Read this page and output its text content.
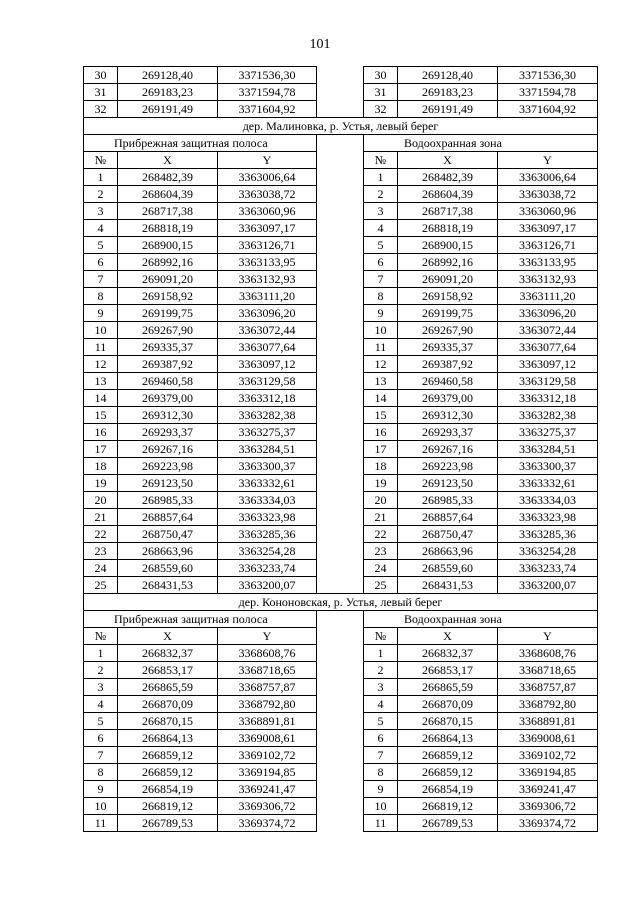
101
30	269128,40	3371536,30		30	269128,40	3371536,30
31	269183,23	3371594,78		31	269183,23	3371594,78
32	269191,49	3371604,92		32	269191,49	3371604,92
дер. Малиновка, р. Устья, левый берег						
Прибрежная защитная полоса				Водоохранная зона		
№	X	Y		№	X	Y
1	268482,39	3363006,64		1	268482,39	3363006,64
2	268604,39	3363038,72		2	268604,39	3363038,72
3	268717,38	3363060,96		3	268717,38	3363060,96
4	268818,19	3363097,17		4	268818,19	3363097,17
5	268900,15	3363126,71		5	268900,15	3363126,71
6	268992,16	3363133,95		6	268992,16	3363133,95
7	269091,20	3363132,93		7	269091,20	3363132,93
8	269158,92	3363111,20		8	269158,92	3363111,20
9	269199,75	3363096,20		9	269199,75	3363096,20
10	269267,90	3363072,44		10	269267,90	3363072,44
11	269335,37	3363077,64		11	269335,37	3363077,64
12	269387,92	3363097,12		12	269387,92	3363097,12
13	269460,58	3363129,58		13	269460,58	3363129,58
14	269379,00	3363312,18		14	269379,00	3363312,18
15	269312,30	3363282,38		15	269312,30	3363282,38
16	269293,37	3363275,37		16	269293,37	3363275,37
17	269267,16	3363284,51		17	269267,16	3363284,51
18	269223,98	3363300,37		18	269223,98	3363300,37
19	269123,50	3363332,61		19	269123,50	3363332,61
20	268985,33	3363334,03		20	268985,33	3363334,03
21	268857,64	3363323,98		21	268857,64	3363323,98
22	268750,47	3363285,36		22	268750,47	3363285,36
23	268663,96	3363254,28		23	268663,96	3363254,28
24	268559,60	3363233,74		24	268559,60	3363233,74
25	268431,53	3363200,07		25	268431,53	3363200,07
дер. Кононовская, р. Устья, левый берег						
Прибрежная защитная полоса				Водоохранная зона		
№	X	Y		№	X	Y
1	266832,37	3368608,76		1	266832,37	3368608,76
2	266853,17	3368718,65		2	266853,17	3368718,65
3	266865,59	3368757,87		3	266865,59	3368757,87
4	266870,09	3368792,80		4	266870,09	3368792,80
5	266870,15	3368891,81		5	266870,15	3368891,81
6	266864,13	3369008,61		6	266864,13	3369008,61
7	266859,12	3369102,72		7	266859,12	3369102,72
8	266859,12	3369194,85		8	266859,12	3369194,85
9	266854,19	3369241,47		9	266854,19	3369241,47
10	266819,12	3369306,72		10	266819,12	3369306,72
11	266789,53	3369374,72		11	266789,53	3369374,72
